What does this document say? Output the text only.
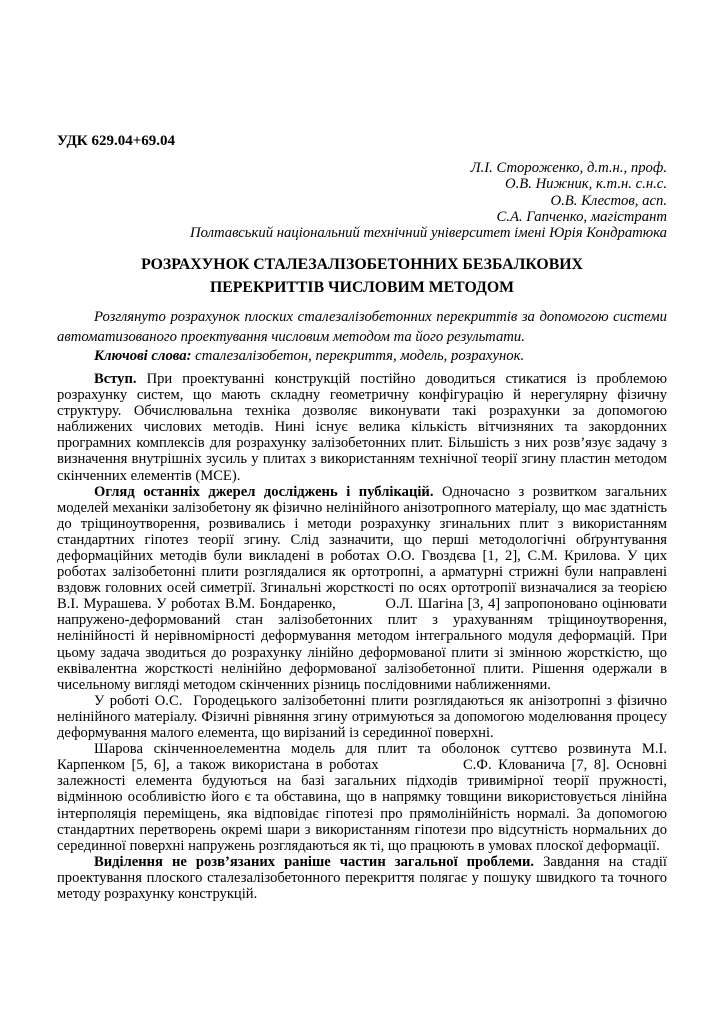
УДК 629.04+69.04
Л.І. Стороженко, д.т.н., проф.
О.В. Нижник, к.т.н. с.н.с.
О.В. Клестов, асп.
С.А. Гапченко, магістрант
Полтавський національний технічний університет імені Юрія Кондратюка
РОЗРАХУНОК СТАЛЕЗАЛІЗОБЕТОННИХ БЕЗБАЛКОВИХ
ПЕРЕКРИТТІВ ЧИСЛОВИМ МЕТОДОМ

Розглянуто розрахунок плоских сталезалізобетонних перекриттів за допомогою системи автоматизованого проектування числовим методом та його результати.

Ключові слова: сталезалізобетон, перекриття, модель, розрахунок.

Вступ. При проектуванні конструкцій постійно доводиться стикатися із проблемою розрахунку систем, що мають складну геометричну конфігурацію й нерегулярну фізичну структуру. Обчислювальна техніка дозволяє виконувати такі розрахунки за допомогою наближених числових методів. Нині існує велика кількість вітчизняних та закордонних програмних комплексів для розрахунку залізобетонних плит. Більшість з них розв’язує задачу з визначення внутрішніх зусиль у плитах з використанням технічної теорії згину пластин методом скінченних елементів (МСЕ).

Огляд останніх джерел досліджень і публікацій. Одночасно з розвитком загальних моделей механіки залізобетону як фізично нелінійного анізотропного матеріалу, що має здатність до тріщиноутворення, розвивались і методи розрахунку згинальних плит з використанням стандартних гіпотез теорії згину. Слід зазначити, що перші методологічні обґрунтування деформаційних методів були викладені в роботах О.О. Гвоздєва [1, 2], С.М. Крилова. У цих роботах залізобетонні плити розглядалися як ортотропні, а арматурні стрижні були направлені вздовж головних осей симетрії. Згинальні жорсткості по осях ортотропії визначалися за теорією В.І. Мурашева. У роботах В.М. Бондаренко,           О.Л. Шагіна [3, 4] запропоновано оцінювати напружено-деформований стан залізобетонних плит з урахуванням тріщиноутворення, нелінійності й нерівномірності деформування методом інтегрального модуля деформацій. При цьому задача зводиться до розрахунку лінійно деформованої плити зі змінною жорсткістю, що еквівалентна жорсткості нелінійно деформованої залізобетонної плити. Рішення одержали в чисельному вигляді методом скінченних різниць послідовними наближеннями.

У роботі О.С.  Городецького залізобетонні плити розглядаються як анізотропні з фізично нелінійного матеріалу. Фізичні рівняння згину отримуються за допомогою моделювання процесу деформування малого елемента, що вирізаний із серединної поверхні.

Шарова скінченноелементна модель для плит та оболонок суттєво розвинута М.І. Карпенком [5, 6], а також використана в роботах             С.Ф. Клованича [7, 8]. Основні залежності елемента будуються на базі загальних підходів тривимірної теорії пружності, відмінною особливістю його є та обставина, що в напрямку товщини використовується лінійна інтерполяція переміщень, яка відповідає гіпотезі про прямолінійність нормалі. За допомогою стандартних перетворень окремі шари з використанням гіпотези про відсутність нормальних до серединної поверхні напружень розглядаються як ті, що працюють в умовах плоскої деформації.

Виділення не розв’язаних раніше частин загальної проблеми. Завдання на стадії проектування плоского сталезалізобетонного перекриття полягає у пошуку швидкого та точного методу розрахунку конструкцій.
